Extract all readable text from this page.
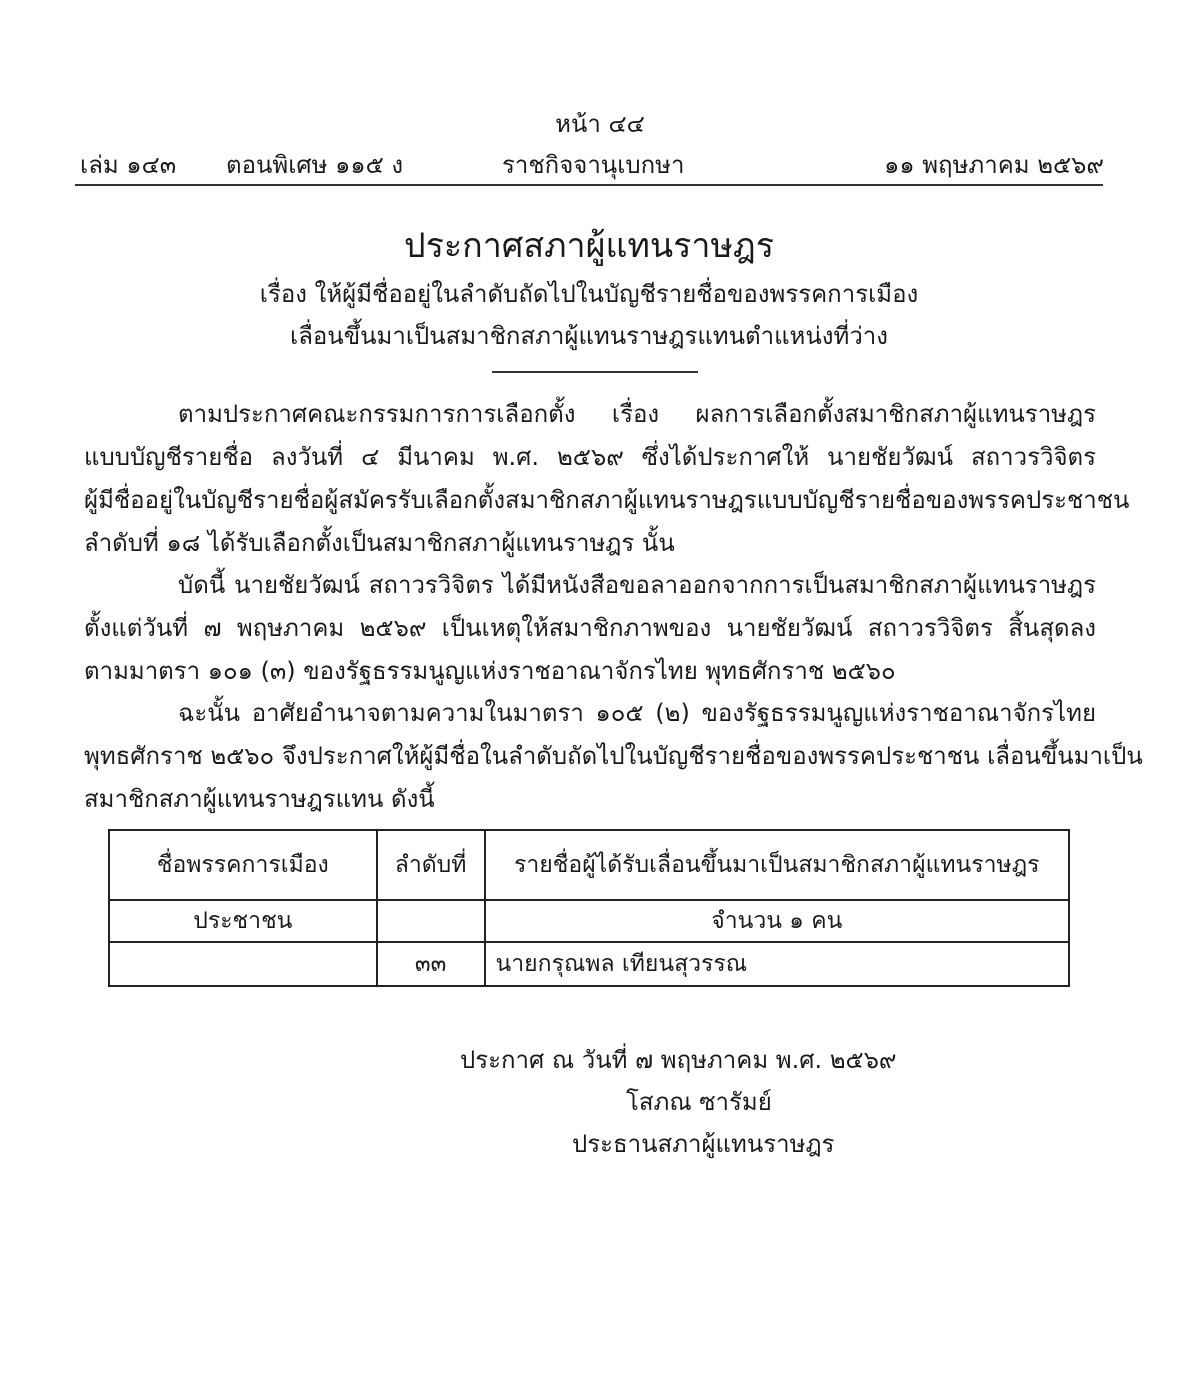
หน้า ๔๔
เล่ม ๑๔๓ ตอนพิเศษ ๑๑๕ ง	ราชกิจจานุเบกษา	๑๑ พฤษภาคม ๒๕๖๙
ประกาศสภาผู้แทนราษฎร
เรื่อง ให้ผู้มีชื่ออยู่ในลำดับถัดไปในบัญชีรายชื่อของพรรคการเมือง
เลื่อนขึ้นมาเป็นสมาชิกสภาผู้แทนราษฎรแทนตำแหน่งที่ว่าง
ตามประกาศคณะกรรมการการเลือกตั้ง เรื่อง ผลการเลือกตั้งสมาชิกสภาผู้แทนราษฎร
แบบบัญชีรายชื่อ ลงวันที่ ๔ มีนาคม พ.ศ. ๒๕๖๙ ซึ่งได้ประกาศให้ นายชัยวัฒน์ สถาวรวิจิตร
ผู้มีชื่ออยู่ในบัญชีรายชื่อผู้สมัครรับเลือกตั้งสมาชิกสภาผู้แทนราษฎรแบบบัญชีรายชื่อของพรรคประชาชน
ลำดับที่ ๑๘ ได้รับเลือกตั้งเป็นสมาชิกสภาผู้แทนราษฎร นั้น
บัดนี้ นายชัยวัฒน์ สถาวรวิจิตร ได้มีหนังสือขอลาออกจากการเป็นสมาชิกสภาผู้แทนราษฎร
ตั้งแต่วันที่ ๗ พฤษภาคม ๒๕๖๙ เป็นเหตุให้สมาชิกภาพของ นายชัยวัฒน์ สถาวรวิจิตร สิ้นสุดลง
ตามมาตรา ๑๐๑ (๓) ของรัฐธรรมนูญแห่งราชอาณาจักรไทย พุทธศักราช ๒๕๖๐
ฉะนั้น อาศัยอำนาจตามความในมาตรา ๑๐๕ (๒) ของรัฐธรรมนูญแห่งราชอาณาจักรไทย
พุทธศักราช ๒๕๖๐ จึงประกาศให้ผู้มีชื่อในลำดับถัดไปในบัญชีรายชื่อของพรรคประชาชน เลื่อนขึ้นมาเป็น
สมาชิกสภาผู้แทนราษฎรแทน ดังนี้
ชื่อพรรคการเมือง	ลำดับที่	รายชื่อผู้ได้รับเลื่อนขึ้นมาเป็นสมาชิกสภาผู้แทนราษฎร
ประชาชน		จำนวน ๑ คน
	๓๓	นายกรุณพล เทียนสุวรรณ
ประกาศ ณ วันที่ ๗ พฤษภาคม พ.ศ. ๒๕๖๙
โสภณ ซารัมย์
ประธานสภาผู้แทนราษฎร
